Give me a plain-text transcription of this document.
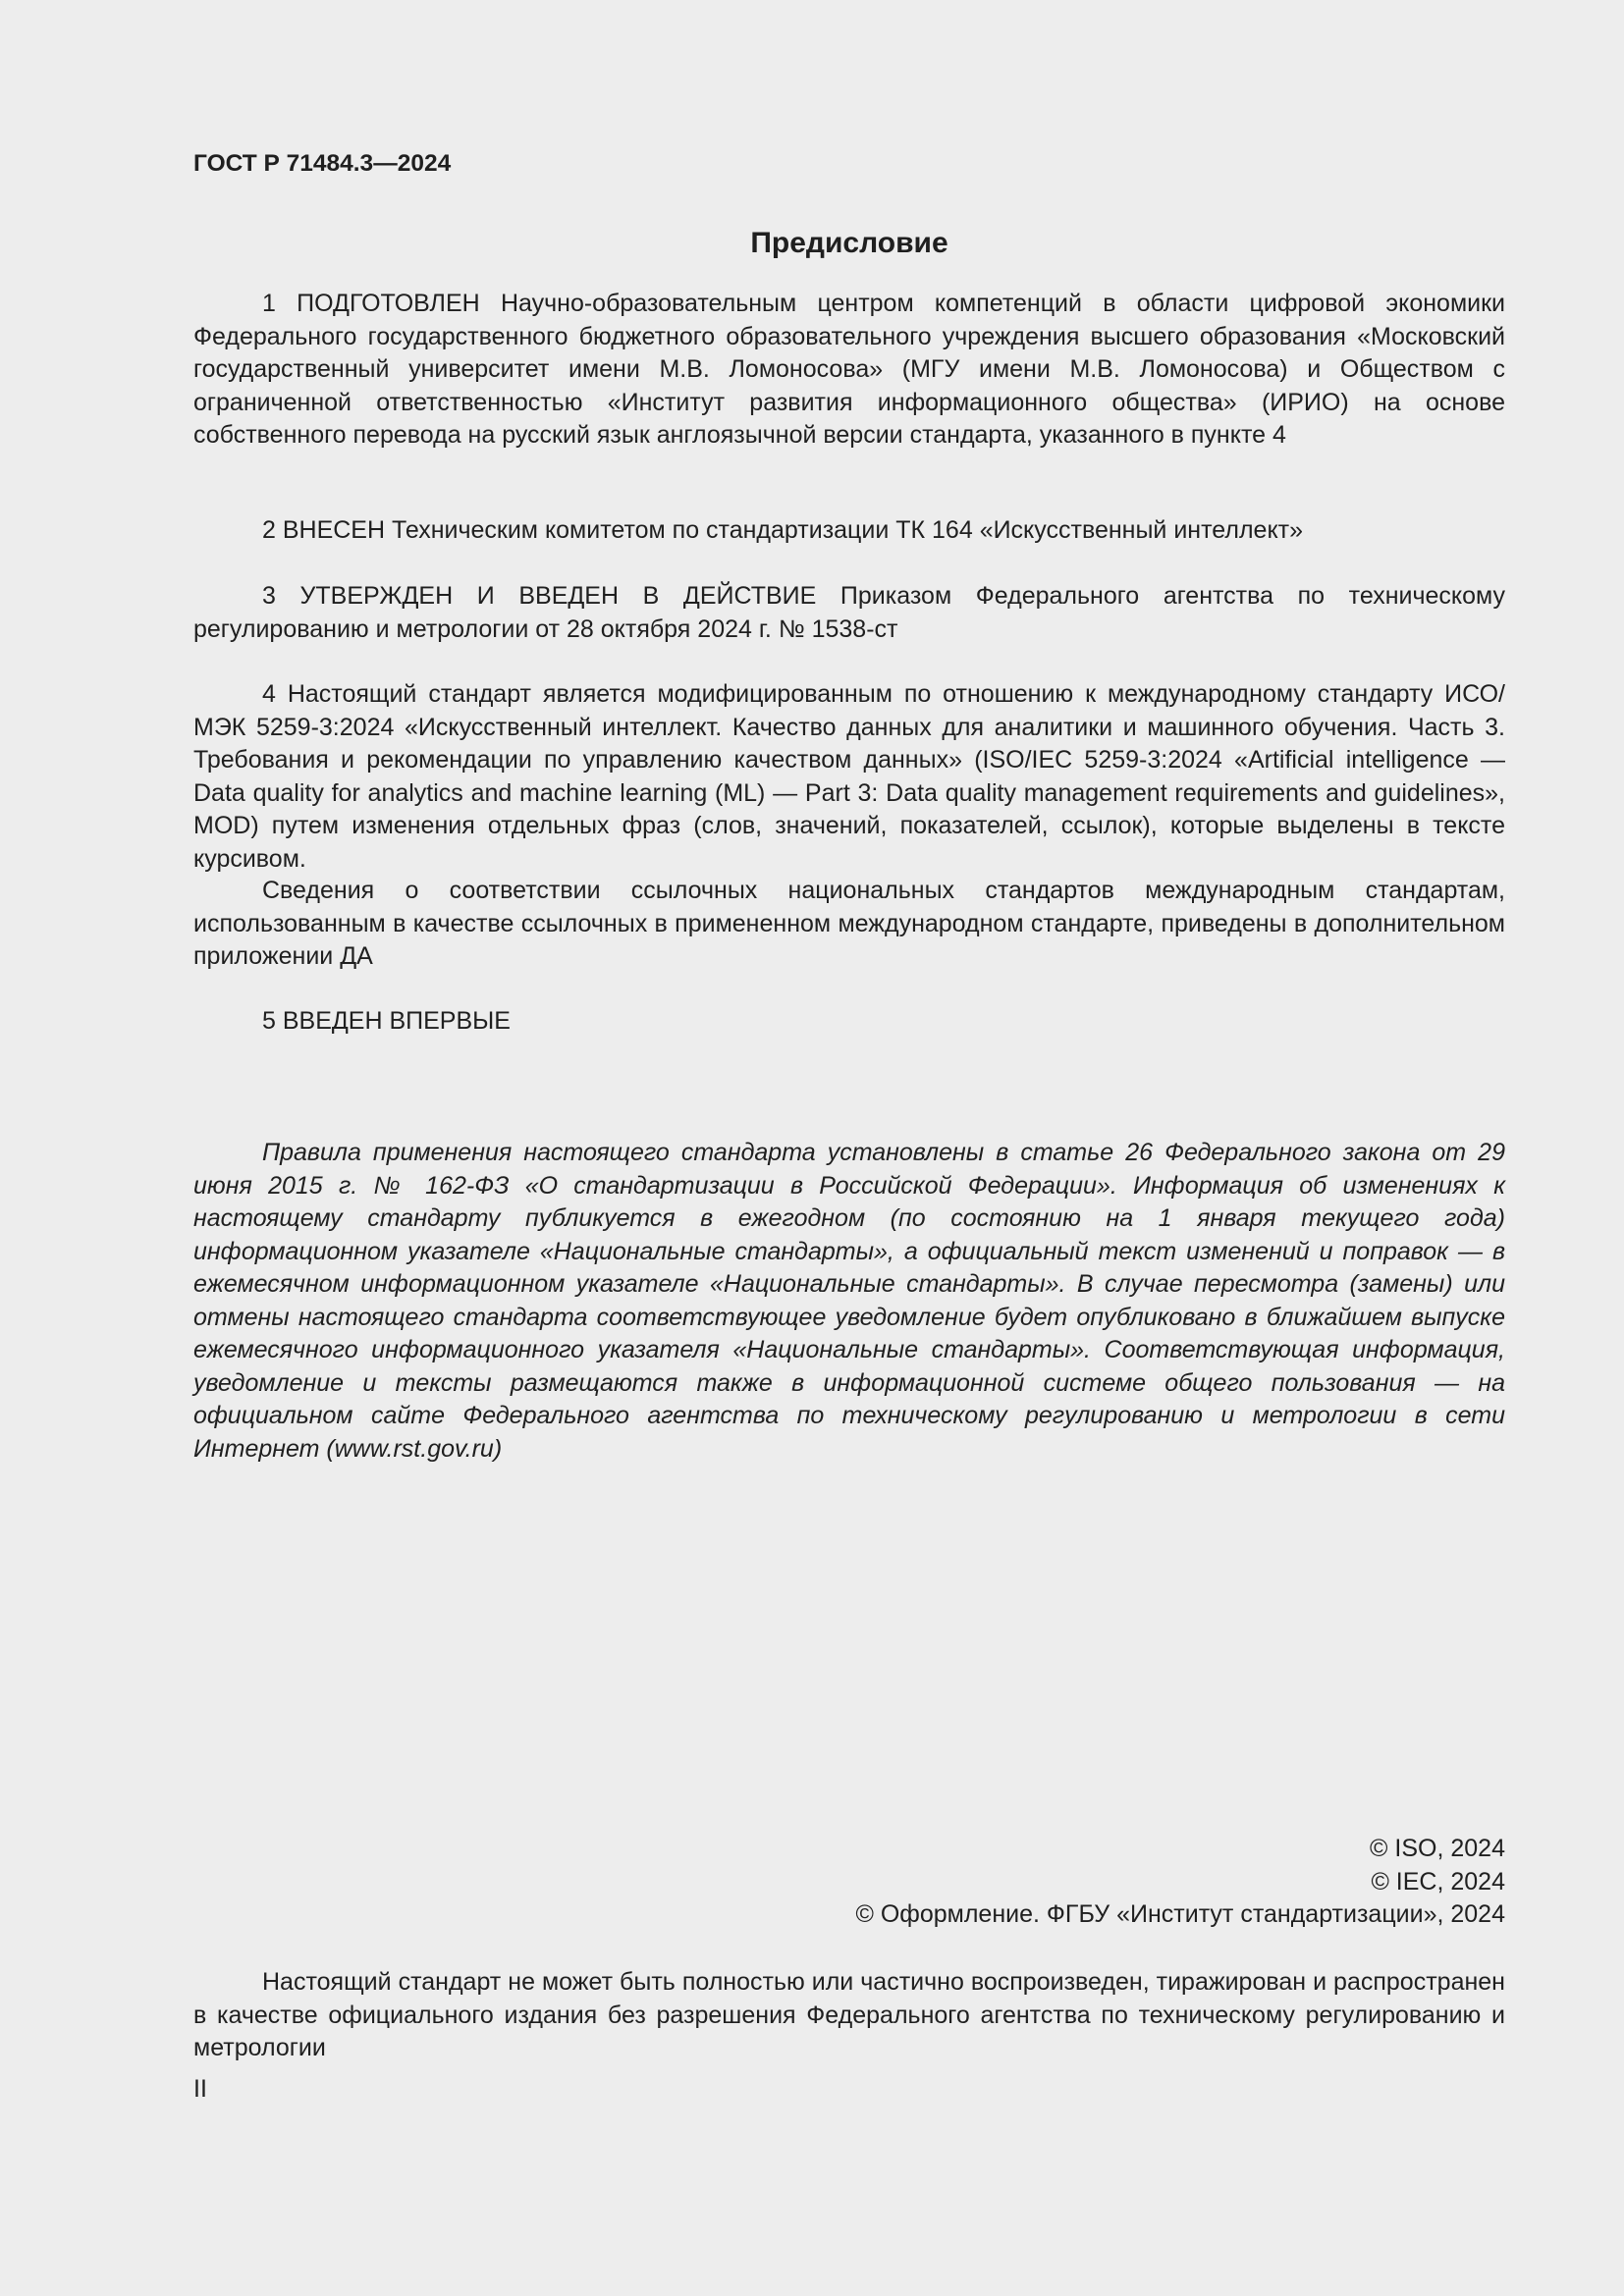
ГОСТ Р 71484.3—2024

Предисловие

1 ПОДГОТОВЛЕН Научно-образовательным центром компетенций в области цифровой экономики Федерального государственного бюджетного образовательного учреждения высшего образования «Московский государственный университет имени М.В. Ломоносова» (МГУ имени М.В. Ломоносова) и Обществом с ограниченной ответственностью «Институт развития информационного общества» (ИРИО) на основе собственного перевода на русский язык англоязычной версии стандарта, указанного в пункте 4

2 ВНЕСЕН Техническим комитетом по стандартизации ТК 164 «Искусственный интеллект»

3 УТВЕРЖДЕН И ВВЕДЕН В ДЕЙСТВИЕ Приказом Федерального агентства по техническому регулированию и метрологии от 28 октября 2024 г. № 1538-ст

4 Настоящий стандарт является модифицированным по отношению к международному стандарту ИСО/МЭК 5259-3:2024 «Искусственный интеллект. Качество данных для аналитики и машинного обучения. Часть 3. Требования и рекомендации по управлению качеством данных» (ISO/IEC 5259-3:2024 «Artificial intelligence — Data quality for analytics and machine learning (ML) — Part 3: Data quality management requirements and guidelines», MOD) путем изменения отдельных фраз (слов, значений, показателей, ссылок), которые выделены в тексте курсивом.

Сведения о соответствии ссылочных национальных стандартов международным стандартам, использованным в качестве ссылочных в примененном международном стандарте, приведены в дополнительном приложении ДА

5 ВВЕДЕН ВПЕРВЫЕ

Правила применения настоящего стандарта установлены в статье 26 Федерального закона от 29 июня 2015 г. № 162-ФЗ «О стандартизации в Российской Федерации». Информация об изменениях к настоящему стандарту публикуется в ежегодном (по состоянию на 1 января текущего года) информационном указателе «Национальные стандарты», а официальный текст изменений и поправок — в ежемесячном информационном указателе «Национальные стандарты». В случае пересмотра (замены) или отмены настоящего стандарта соответствующее уведомление будет опубликовано в ближайшем выпуске ежемесячного информационного указателя «Национальные стандарты». Соответствующая информация, уведомление и тексты размещаются также в информационной системе общего пользования — на официальном сайте Федерального агентства по техническому регулированию и метрологии в сети Интернет (www.rst.gov.ru)

© ISO, 2024
© IEC, 2024
© Оформление. ФГБУ «Институт стандартизации», 2024

Настоящий стандарт не может быть полностью или частично воспроизведен, тиражирован и распространен в качестве официального издания без разрешения Федерального агентства по техническому регулированию и метрологии

II
